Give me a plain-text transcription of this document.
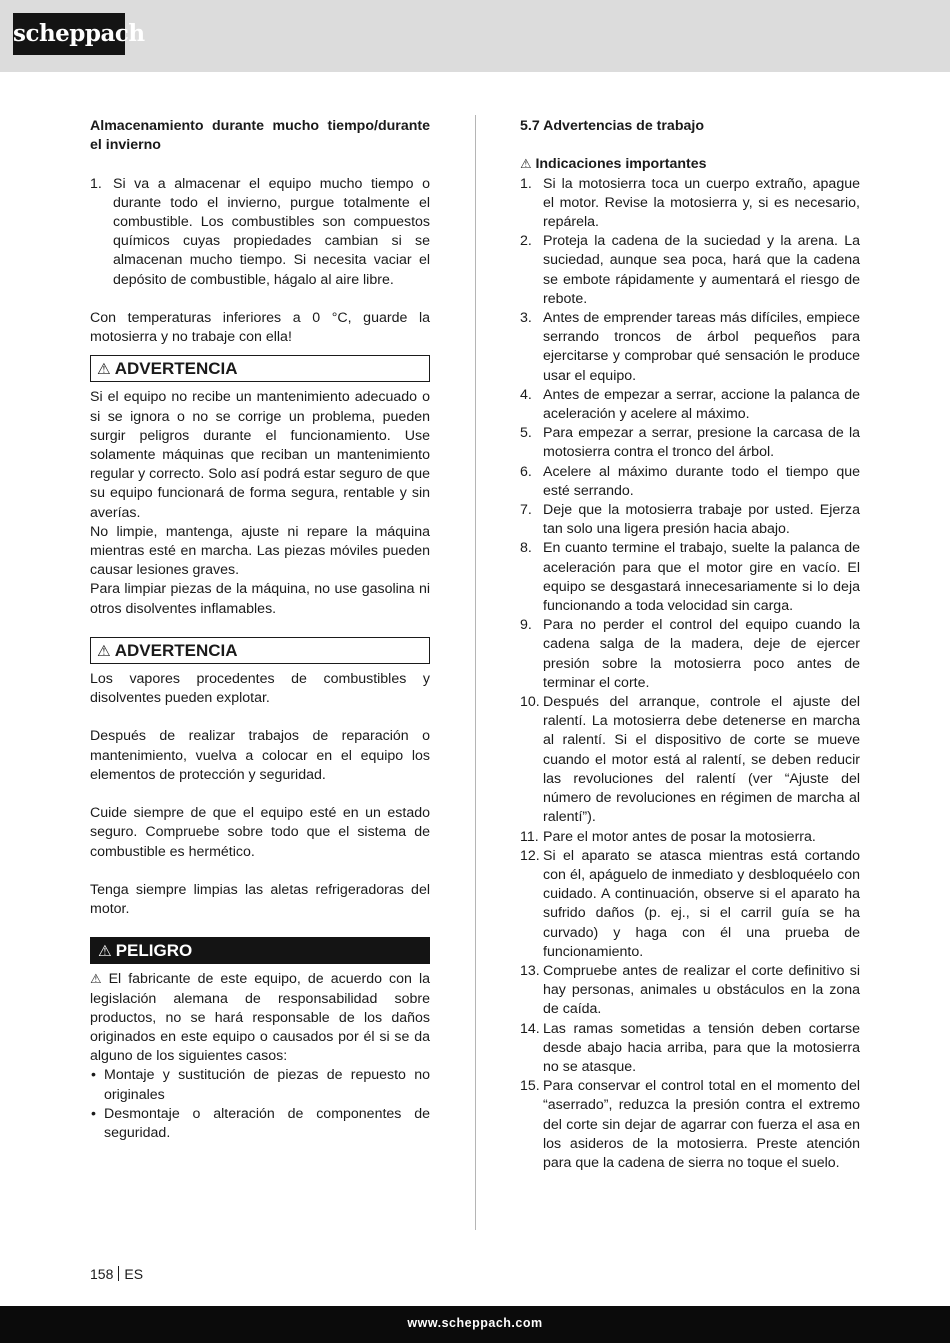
scheppach

Almacenamiento durante mucho tiempo/durante el invierno

1. Si va a almacenar el equipo mucho tiempo o durante todo el invierno, purgue totalmente el combustible. Los combustibles son compuestos químicos cuyas propiedades cambian si se almacenan mucho tiempo. Si necesita vaciar el depósito de combustible, hágalo al aire libre.

Con temperaturas inferiores a 0 °C, guarde la motosierra y no trabaje con ella!

⚠ ADVERTENCIA

Si el equipo no recibe un mantenimiento adecuado o si se ignora o no se corrige un problema, pueden surgir peligros durante el funcionamiento. Use solamente máquinas que reciban un mantenimiento regular y correcto. Solo así podrá estar seguro de que su equipo funcionará de forma segura, rentable y sin averías.

No limpie, mantenga, ajuste ni repare la máquina mientras esté en marcha. Las piezas móviles pueden causar lesiones graves.

Para limpiar piezas de la máquina, no use gasolina ni otros disolventes inflamables.

⚠ ADVERTENCIA

Los vapores procedentes de combustibles y disolventes pueden explotar.

Después de realizar trabajos de reparación o mantenimiento, vuelva a colocar en el equipo los elementos de protección y seguridad.

Cuide siempre de que el equipo esté en un estado seguro. Compruebe sobre todo que el sistema de combustible es hermético.

Tenga siempre limpias las aletas refrigeradoras del motor.

⚠ PELIGRO

⚠ El fabricante de este equipo, de acuerdo con la legislación alemana de responsabilidad sobre productos, no se hará responsable de los daños originados en este equipo o causados por él si se da alguno de los siguientes casos:

• Montaje y sustitución de piezas de repuesto no originales
• Desmontaje o alteración de componentes de seguridad.

5.7 Advertencias de trabajo

⚠ Indicaciones importantes

1. Si la motosierra toca un cuerpo extraño, apague el motor. Revise la motosierra y, si es necesario, repárela.
2. Proteja la cadena de la suciedad y la arena. La suciedad, aunque sea poca, hará que la cadena se embote rápidamente y aumentará el riesgo de rebote.
3. Antes de emprender tareas más difíciles, empiece serrando troncos de árbol pequeños para ejercitarse y comprobar qué sensación le produce usar el equipo.
4. Antes de empezar a serrar, accione la palanca de aceleración y acelere al máximo.
5. Para empezar a serrar, presione la carcasa de la motosierra contra el tronco del árbol.
6. Acelere al máximo durante todo el tiempo que esté serrando.
7. Deje que la motosierra trabaje por usted. Ejerza tan solo una ligera presión hacia abajo.
8. En cuanto termine el trabajo, suelte la palanca de aceleración para que el motor gire en vacío. El equipo se desgastará innecesariamente si lo deja funcionando a toda velocidad sin carga.
9. Para no perder el control del equipo cuando la cadena salga de la madera, deje de ejercer presión sobre la motosierra poco antes de terminar el corte.
10. Después del arranque, controle el ajuste del ralentí. La motosierra debe detenerse en marcha al ralentí. Si el dispositivo de corte se mueve cuando el motor está al ralentí, se deben reducir las revoluciones del ralentí (ver “Ajuste del número de revoluciones en régimen de marcha al ralentí”).
11. Pare el motor antes de posar la motosierra.
12. Si el aparato se atasca mientras está cortando con él, apáguelo de inmediato y desbloquéelo con cuidado. A continuación, observe si el aparato ha sufrido daños (p. ej., si el carril guía se ha curvado) y haga con él una prueba de funcionamiento.
13. Compruebe antes de realizar el corte definitivo si hay personas, animales u obstáculos en la zona de caída.
14. Las ramas sometidas a tensión deben cortarse desde abajo hacia arriba, para que la motosierra no se atasque.
15. Para conservar el control total en el momento del “aserrado”, reduzca la presión contra el extremo del corte sin dejar de agarrar con fuerza el asa en los asideros de la motosierra. Preste atención para que la cadena de sierra no toque el suelo.
158 ES
www.scheppach.com
